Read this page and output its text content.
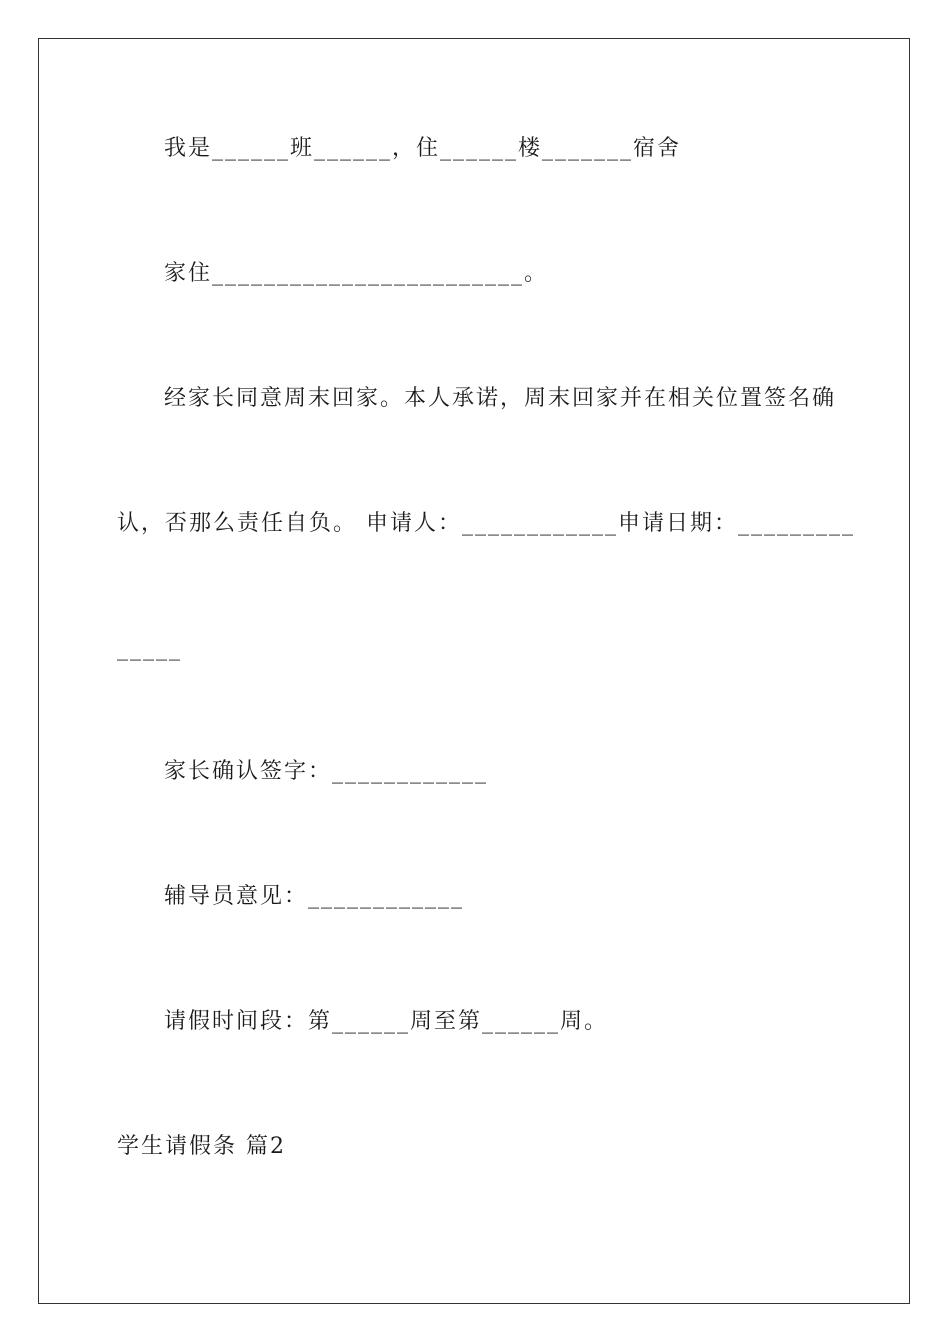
我是______班______，住______楼_______宿舍
家住________________________。
经家长同意周末回家。本人承诺，周末回家并在相关位置签名确
认，否那么责任自负。 申请人：____________申请日期：_________
_____
家长确认签字：____________
辅导员意见：____________
请假时间段：第______周至第______周。
学生请假条 篇2
